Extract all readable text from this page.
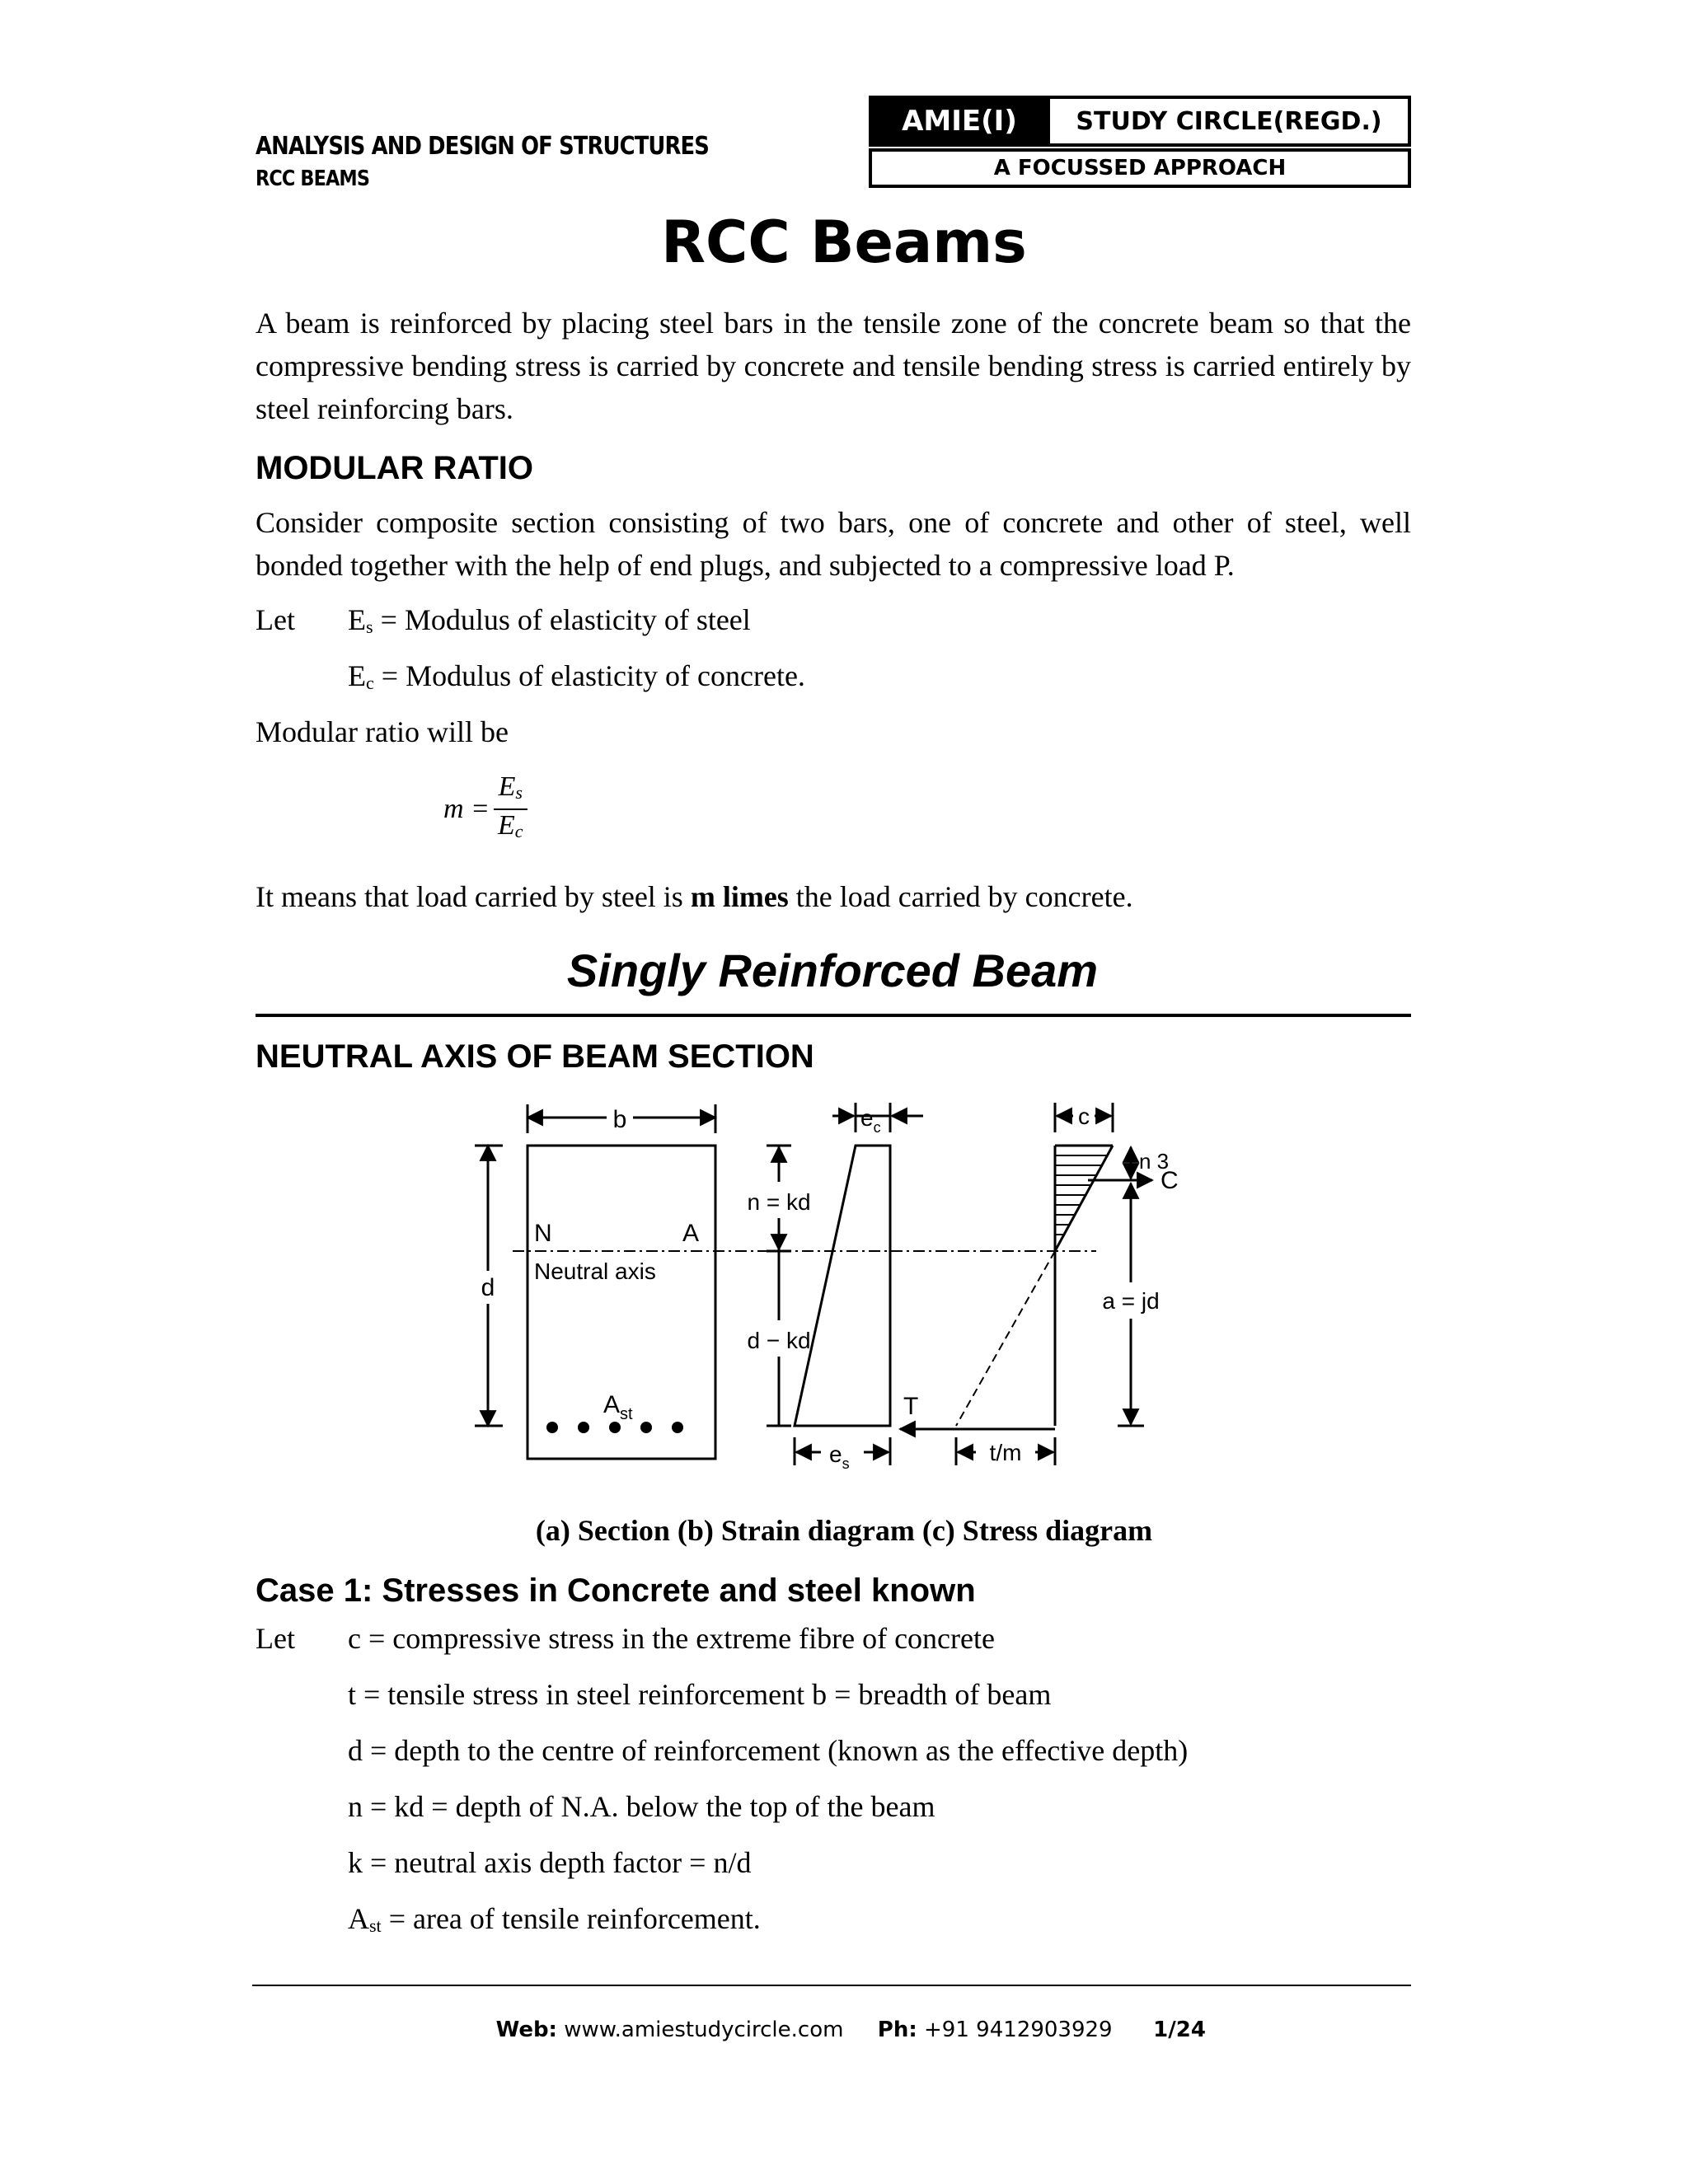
ANALYSIS AND DESIGN OF STRUCTURES
RCC BEAMS
AMIE(I)	STUDY CIRCLE(REGD.)
A FOCUSSED APPROACH
RCC Beams
A beam is reinforced by placing steel bars in the tensile zone of the concrete beam so that the compressive bending stress is carried by concrete and tensile bending stress is carried entirely by steel reinforcing bars.
MODULAR RATIO
Consider composite section consisting of two bars, one of concrete and other of steel, well bonded together with the help of end plugs, and subjected to a compressive load P.
Let $E_s$ = Modulus of elasticity of steel
$E_c$ = Modulus of elasticity of concrete.
Modular ratio will be
$m = \frac{E_s}{E_c}$
It means that load carried by steel is m limes the load carried by concrete.
Singly Reinforced Beam
NEUTRAL AXIS OF BEAM SECTION
b
d
N	A
Neutral axis
$A_{st}$
n = kd
d − kd
$e_c$
$e_s$
c
C
n 3
a = jd
T
t/m
(a) Section (b) Strain diagram (c) Stress diagram
Case 1: Stresses in Concrete and steel known
Let c = compressive stress in the extreme fibre of concrete
t = tensile stress in steel reinforcement b = breadth of beam
d = depth to the centre of reinforcement (known as the effective depth)
n = kd = depth of N.A. below the top of the beam
k = neutral axis depth factor = n/d
$A_{st}$ = area of tensile reinforcement.

Web: www.amiestudycircle.com Ph: +91 9412903929 1/24
